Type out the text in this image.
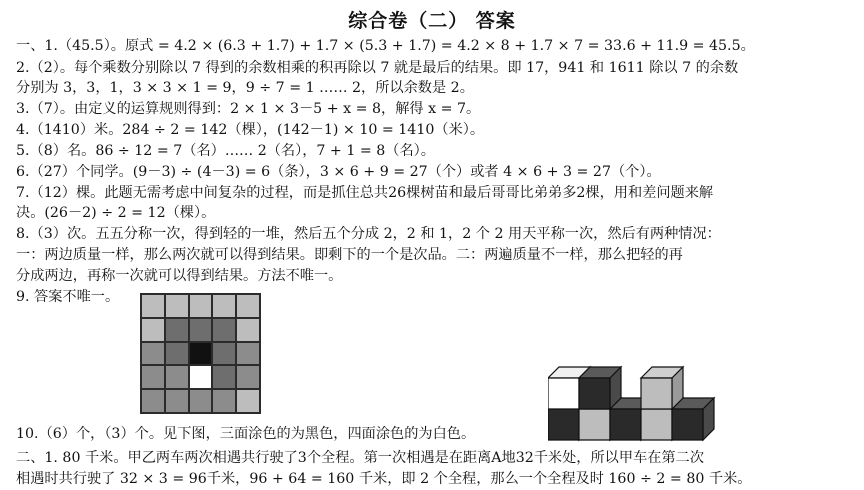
综合卷（二） 答案
一、1.（45.5）。原式 = 4.2 × (6.3 + 1.7) + 1.7 × (5.3 + 1.7) = 4.2 × 8 + 1.7 × 7 = 33.6 + 11.9 = 45.5。
2.（2）。每个乘数分别除以 7 得到的余数相乘的积再除以 7 就是最后的结果。即 17，941 和 1611 除以 7 的余数
分别为 3，3，1，3 × 3 × 1 = 9，9 ÷ 7 = 1 …… 2，所以余数是 2。
3.（7）。由定义的运算规则得到：2 × 1 × 3－5 + x = 8，解得 x = 7。
4.（1410）米。284 ÷ 2 = 142（棵），(142－1) × 10 = 1410（米）。
5.（8）名。86 ÷ 12 = 7（名）…… 2（名），7 + 1 = 8（名）。
6.（27）个同学。(9－3) ÷ (4－3) = 6（条），3 × 6 + 9 = 27（个）或者 4 × 6 + 3 = 27（个）。
7.（12）棵。此题无需考虑中间复杂的过程，而是抓住总共26棵树苗和最后哥哥比弟弟多2棵，用和差问题来解
决。(26－2) ÷ 2 = 12（棵）。
8.（3）次。五五分称一次，得到轻的一堆，然后五个分成 2，2 和 1，2 个 2 用天平称一次，然后有两种情况：
一：两边质量一样，那么两次就可以得到结果。即剩下的一个是次品。二：两遍质量不一样，那么把轻的再
分成两边，再称一次就可以得到结果。方法不唯一。
9. 答案不唯一。
10.（6）个，（3）个。见下图，三面涂色的为黑色，四面涂色的为白色。
二、1. 80 千米。甲乙两车两次相遇共行驶了3个全程。第一次相遇是在距离A地32千米处，所以甲车在第二次
相遇时共行驶了 32 × 3 = 96千米，96 + 64 = 160 千米，即 2 个全程，那么一个全程及时 160 ÷ 2 = 80 千米。
